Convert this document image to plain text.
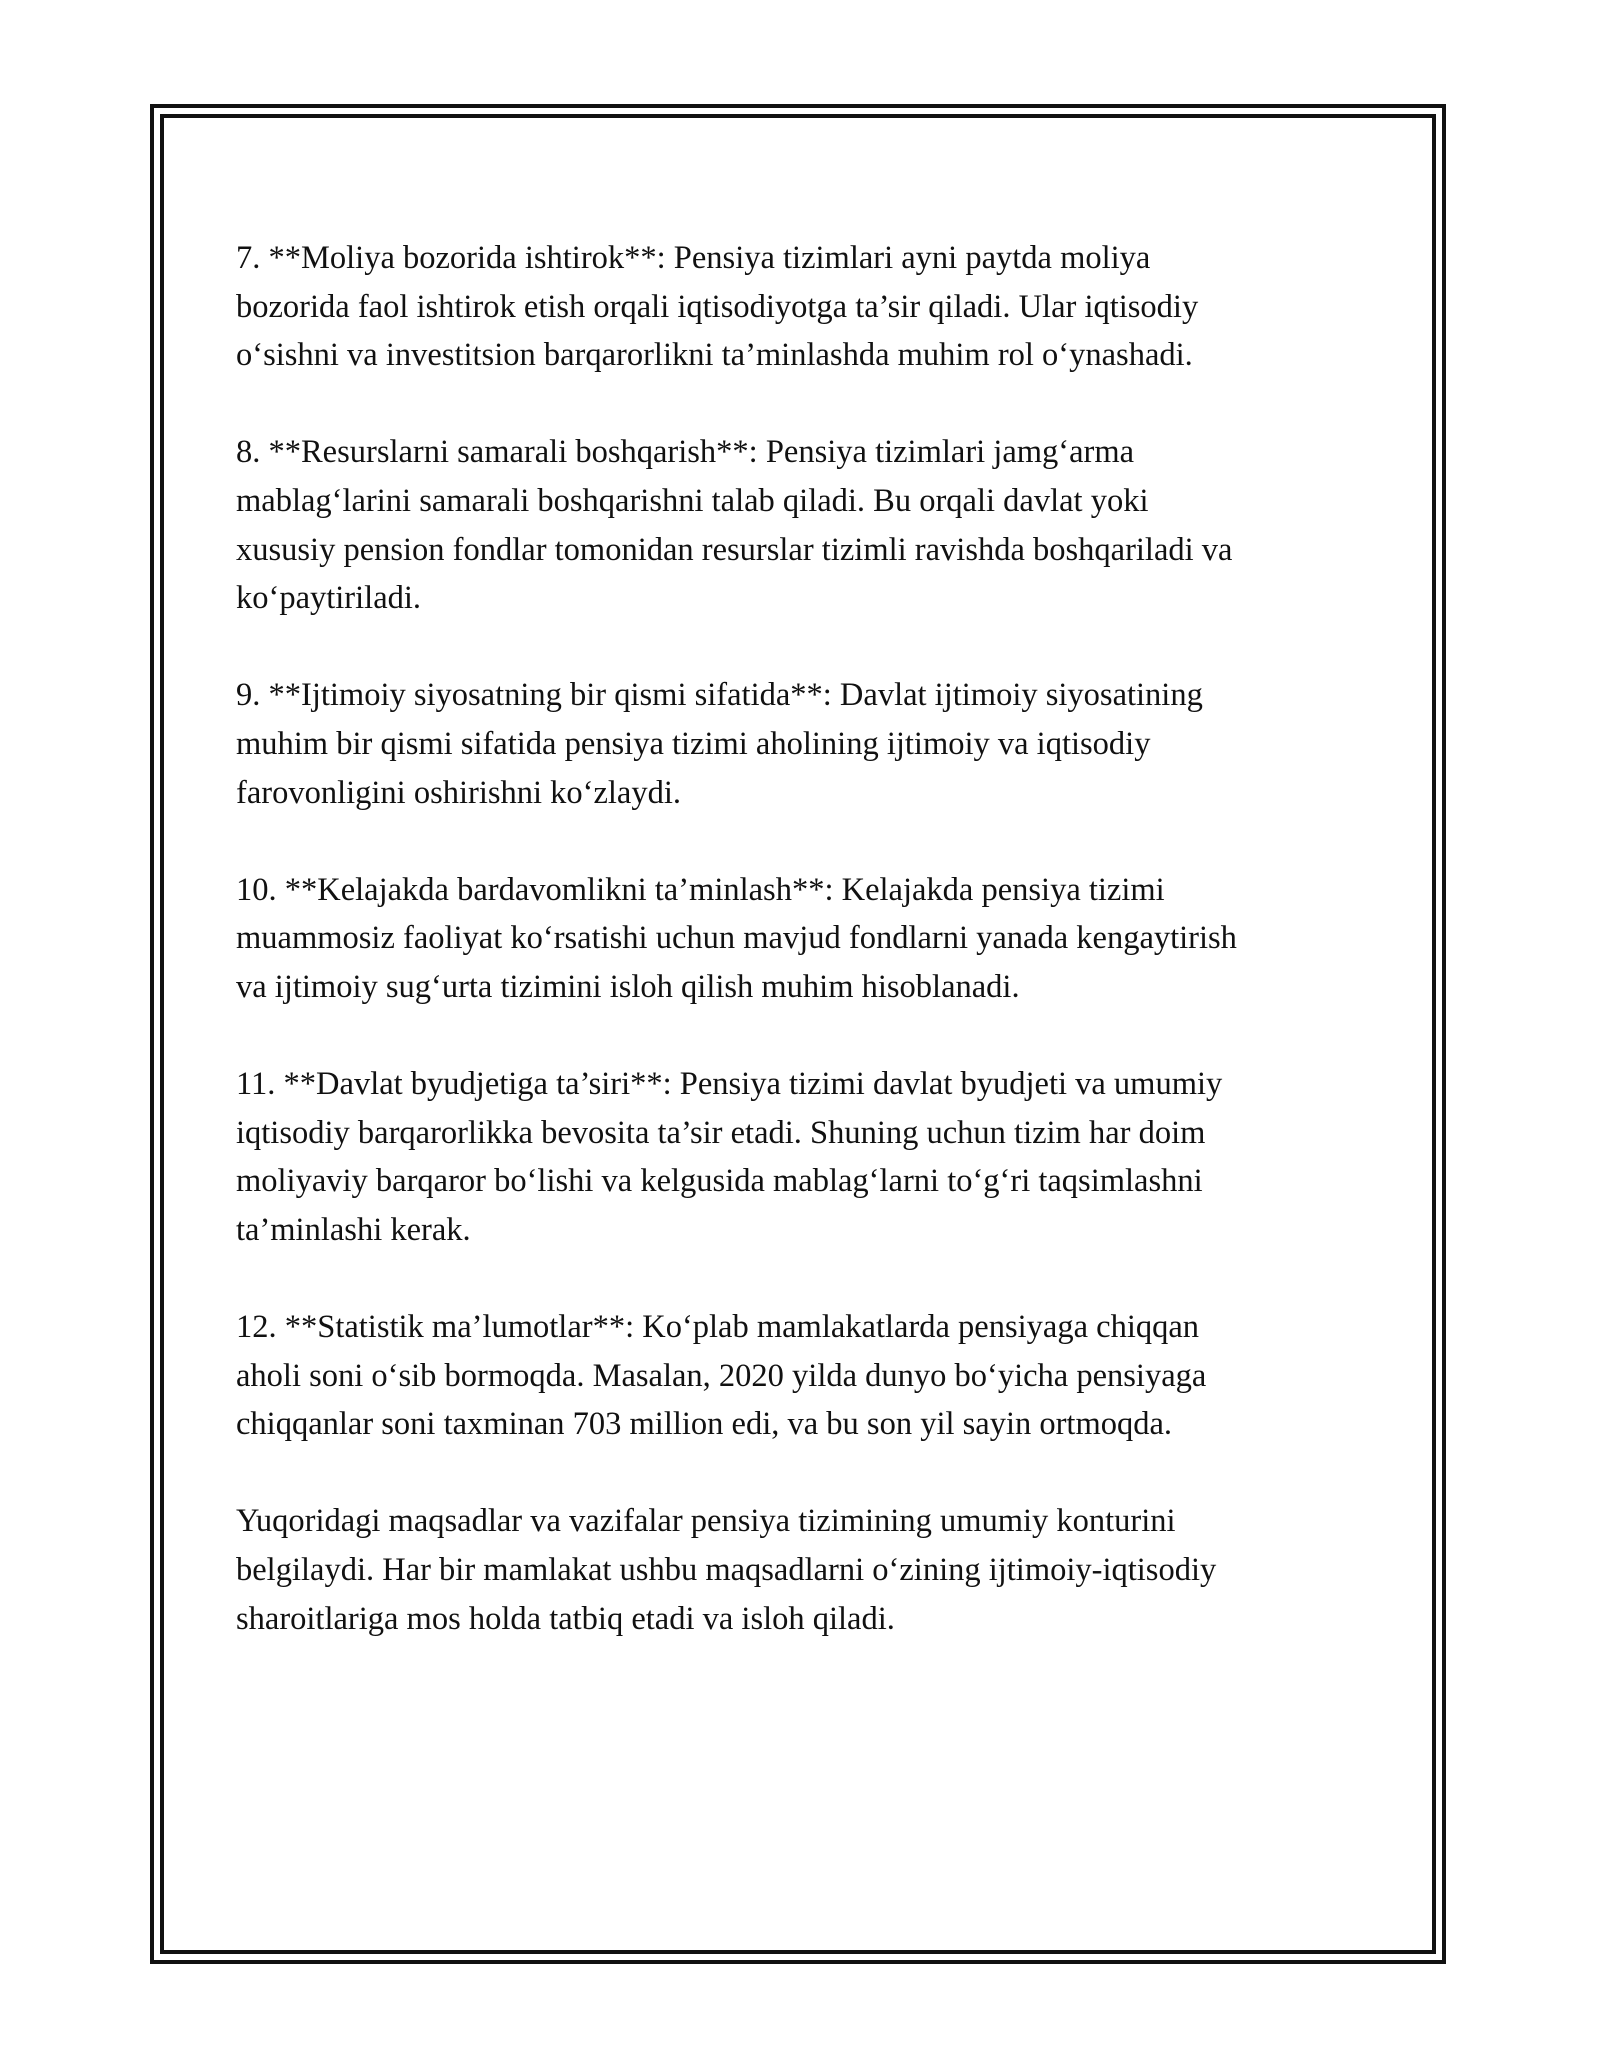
7. **Moliya bozorida ishtirok**: Pensiya tizimlari ayni paytda moliya
bozorida faol ishtirok etish orqali iqtisodiyotga ta’sir qiladi. Ular iqtisodiy
o‘sishni va investitsion barqarorlikni ta’minlashda muhim rol o‘ynashadi.

8. **Resurslarni samarali boshqarish**: Pensiya tizimlari jamg‘arma
mablag‘larini samarali boshqarishni talab qiladi. Bu orqali davlat yoki
xususiy pension fondlar tomonidan resurslar tizimli ravishda boshqariladi va
ko‘paytiriladi.

9. **Ijtimoiy siyosatning bir qismi sifatida**: Davlat ijtimoiy siyosatining
muhim bir qismi sifatida pensiya tizimi aholining ijtimoiy va iqtisodiy
farovonligini oshirishni ko‘zlaydi.

10. **Kelajakda bardavomlikni ta’minlash**: Kelajakda pensiya tizimi
muammosiz faoliyat ko‘rsatishi uchun mavjud fondlarni yanada kengaytirish
va ijtimoiy sug‘urta tizimini isloh qilish muhim hisoblanadi.

11. **Davlat byudjetiga ta’siri**: Pensiya tizimi davlat byudjeti va umumiy
iqtisodiy barqarorlikka bevosita ta’sir etadi. Shuning uchun tizim har doim
moliyaviy barqaror bo‘lishi va kelgusida mablag‘larni to‘g‘ri taqsimlashni
ta’minlashi kerak.

12. **Statistik ma’lumotlar**: Ko‘plab mamlakatlarda pensiyaga chiqqan
aholi soni o‘sib bormoqda. Masalan, 2020 yilda dunyo bo‘yicha pensiyaga
chiqqanlar soni taxminan 703 million edi, va bu son yil sayin ortmoqda.

Yuqoridagi maqsadlar va vazifalar pensiya tizimining umumiy konturini
belgilaydi. Har bir mamlakat ushbu maqsadlarni o‘zining ijtimoiy-iqtisodiy
sharoitlariga mos holda tatbiq etadi va isloh qiladi.
